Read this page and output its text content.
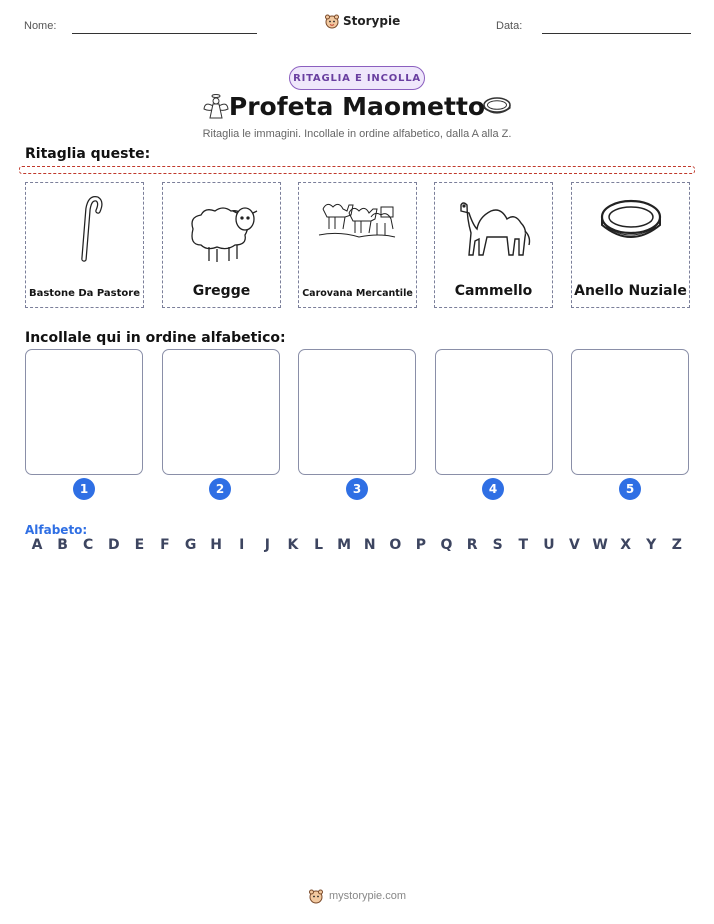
Nome:	Storypie	Data:
RITAGLIA E INCOLLA
Profeta Maometto
Ritaglia le immagini. Incollale in ordine alfabetico, dalla A alla Z.
Ritaglia queste:
Bastone Da Pastore	Gregge	Carovana Mercantile	Cammello	Anello Nuziale
Incollale qui in ordine alfabetico:
1	2	3	4	5
Alfabeto:
A	B	C	D	E	F	G H	I	J	K	L	M N O	P	Q	R	S	T	U	V W X	Y	Z
mystorypie.com
